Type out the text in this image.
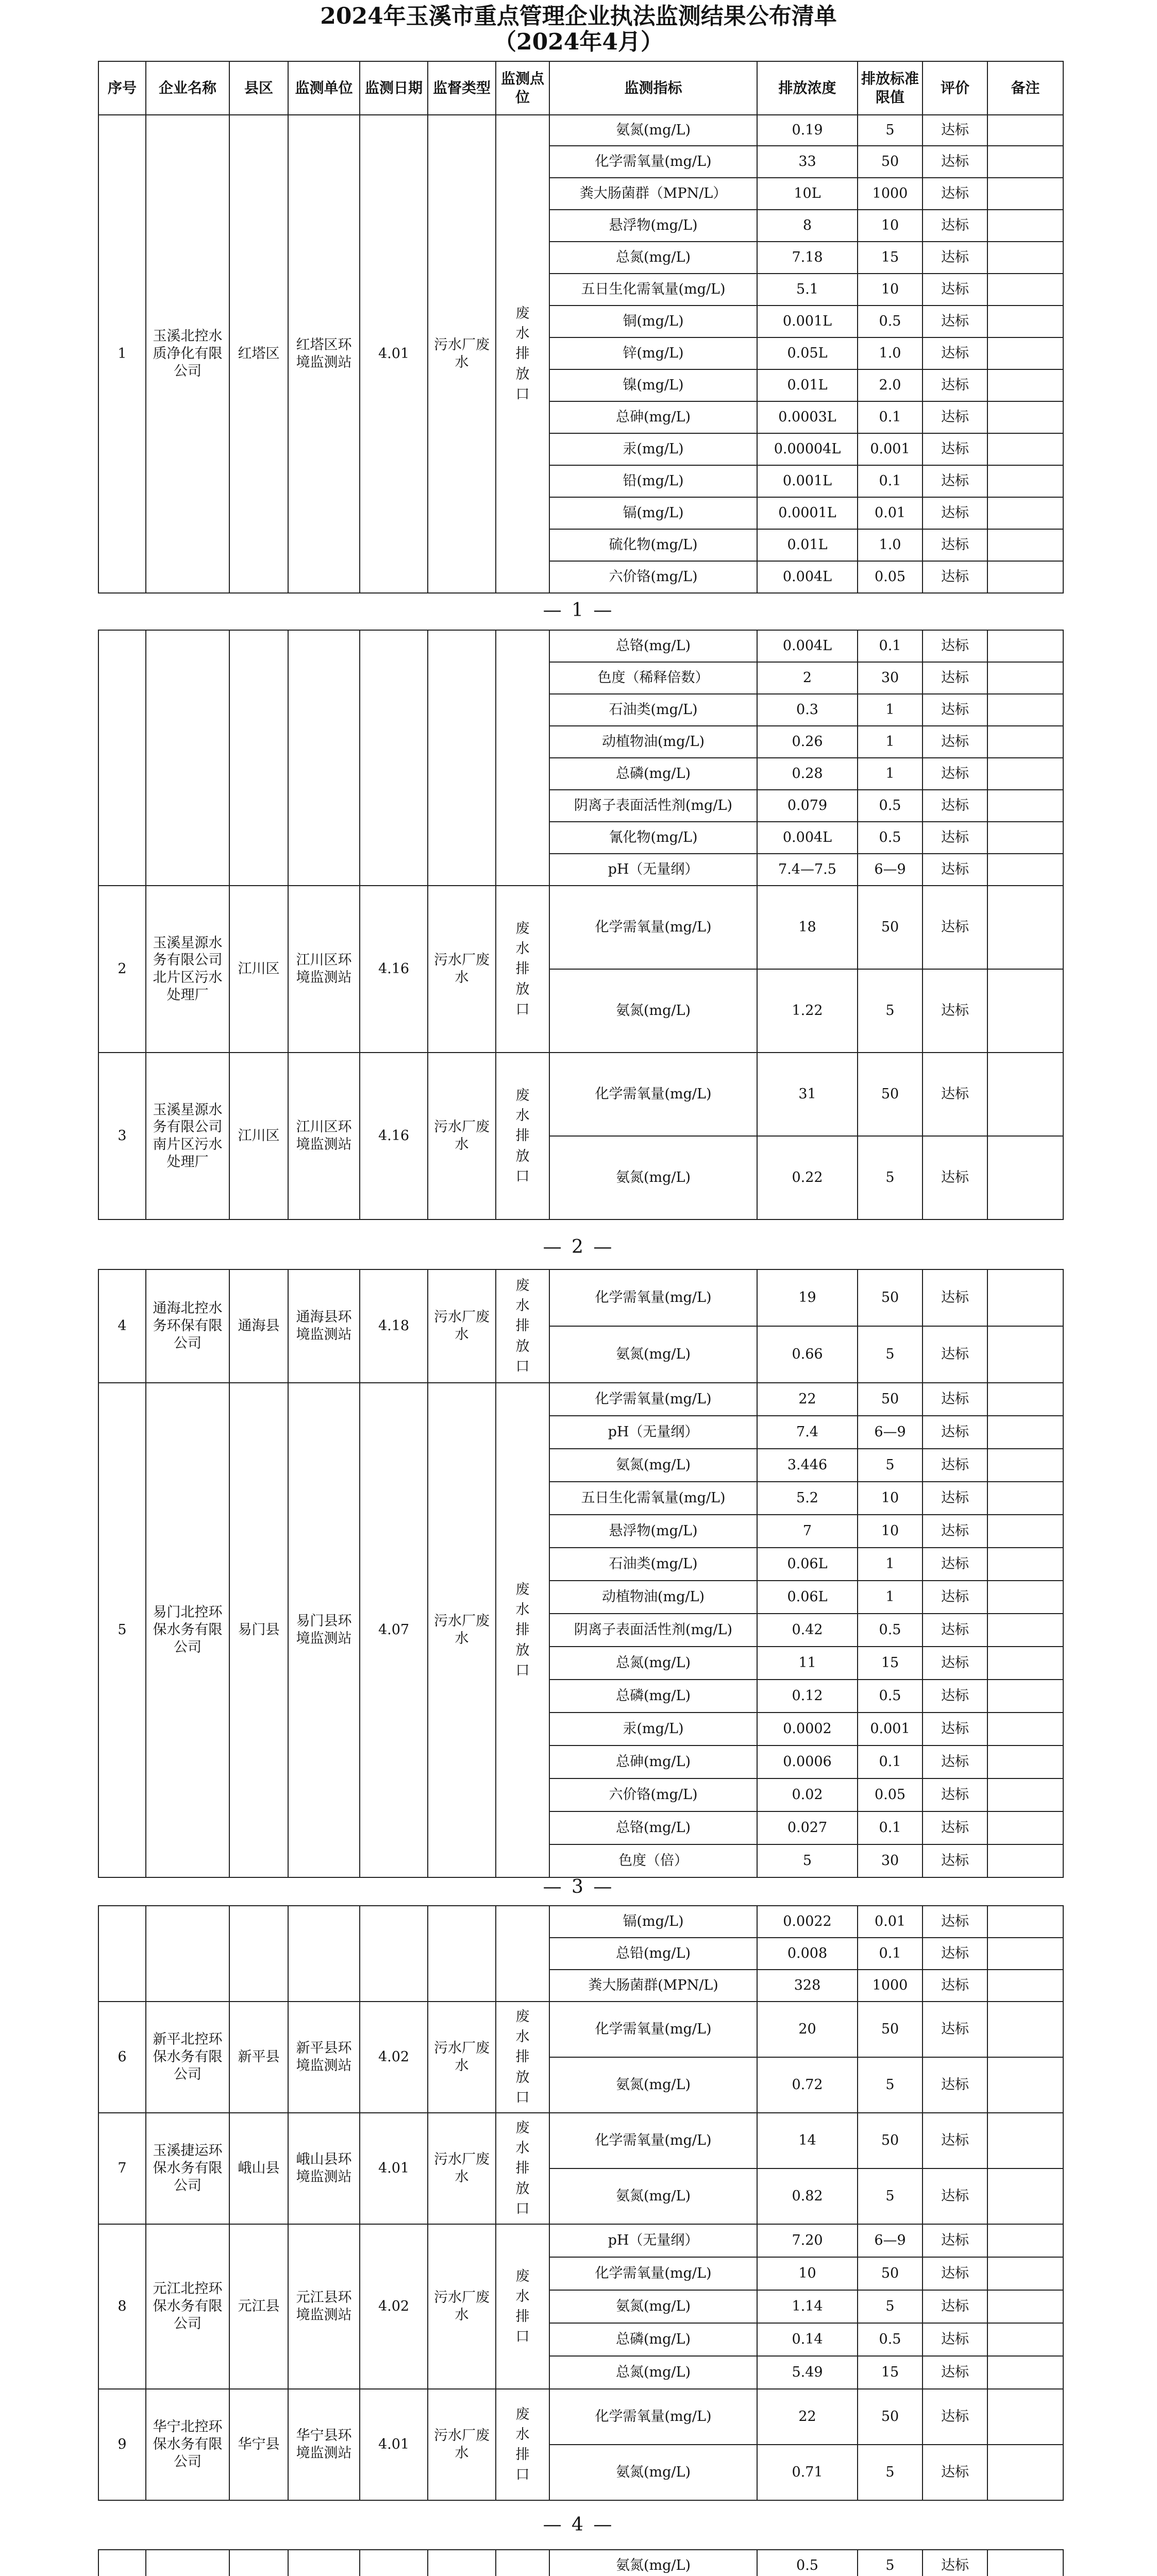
2024年玉溪市重点管理企业执法监测结果公布清单
（2024年4月）
序号	企业名称	县区	监测单位	监测日期	监督类型	监测点位	监测指标	排放浓度	排放标准限值	评价	备注
1	玉溪北控水质净化有限公司	红塔区	红塔区环境监测站	4.01	污水厂废水	废水排放口	氨氮(mg/L)	0.19	5	达标	
							化学需氧量(mg/L)	33	50	达标	
							粪大肠菌群（MPN/L）	10L	1000	达标	
							悬浮物(mg/L)	8	10	达标	
							总氮(mg/L)	7.18	15	达标	
							五日生化需氧量(mg/L)	5.1	10	达标	
							铜(mg/L)	0.001L	0.5	达标	
							锌(mg/L)	0.05L	1.0	达标	
							镍(mg/L)	0.01L	2.0	达标	
							总砷(mg/L)	0.0003L	0.1	达标	
							汞(mg/L)	0.00004L	0.001	达标	
							铅(mg/L)	0.001L	0.1	达标	
							镉(mg/L)	0.0001L	0.01	达标	
							硫化物(mg/L)	0.01L	1.0	达标	
							六价铬(mg/L)	0.004L	0.05	达标	
— 1 —
							总铬(mg/L)	0.004L	0.1	达标	
							色度（稀释倍数）	2	30	达标	
							石油类(mg/L)	0.3	1	达标	
							动植物油(mg/L)	0.26	1	达标	
							总磷(mg/L)	0.28	1	达标	
							阴离子表面活性剂(mg/L)	0.079	0.5	达标	
							氰化物(mg/L)	0.004L	0.5	达标	
							pH（无量纲）	7.4—7.5	6—9	达标	
2	玉溪星源水务有限公司北片区污水处理厂	江川区	江川区环境监测站	4.16	污水厂废水	废水排放口	化学需氧量(mg/L)	18	50	达标	
							氨氮(mg/L)	1.22	5	达标	
3	玉溪星源水务有限公司南片区污水处理厂	江川区	江川区环境监测站	4.16	污水厂废水	废水排放口	化学需氧量(mg/L)	31	50	达标	
							氨氮(mg/L)	0.22	5	达标	
— 2 —
4	通海北控水务环保有限公司	通海县	通海县环境监测站	4.18	污水厂废水	废水排放口	化学需氧量(mg/L)	19	50	达标	
							氨氮(mg/L)	0.66	5	达标	
5	易门北控环保水务有限公司	易门县	易门县环境监测站	4.07	污水厂废水	废水排放口	化学需氧量(mg/L)	22	50	达标	
							pH（无量纲）	7.4	6—9	达标	
							氨氮(mg/L)	3.446	5	达标	
							五日生化需氧量(mg/L)	5.2	10	达标	
							悬浮物(mg/L)	7	10	达标	
							石油类(mg/L)	0.06L	1	达标	
							动植物油(mg/L)	0.06L	1	达标	
							阴离子表面活性剂(mg/L)	0.42	0.5	达标	
							总氮(mg/L)	11	15	达标	
							总磷(mg/L)	0.12	0.5	达标	
							汞(mg/L)	0.0002	0.001	达标	
							总砷(mg/L)	0.0006	0.1	达标	
							六价铬(mg/L)	0.02	0.05	达标	
							总铬(mg/L)	0.027	0.1	达标	
							色度（倍）	5	30	达标	
— 3 —
							镉(mg/L)	0.0022	0.01	达标	
							总铅(mg/L)	0.008	0.1	达标	
							粪大肠菌群(MPN/L)	328	1000	达标	
6	新平北控环保水务有限公司	新平县	新平县环境监测站	4.02	污水厂废水	废水排放口	化学需氧量(mg/L)	20	50	达标	
							氨氮(mg/L)	0.72	5	达标	
7	玉溪捷运环保水务有限公司	峨山县	峨山县环境监测站	4.01	污水厂废水	废水排放口	化学需氧量(mg/L)	14	50	达标	
							氨氮(mg/L)	0.82	5	达标	
8	元江北控环保水务有限公司	元江县	元江县环境监测站	4.02	污水厂废水	废水排口	pH（无量纲）	7.20	6—9	达标	
							化学需氧量(mg/L)	10	50	达标	
							氨氮(mg/L)	1.14	5	达标	
							总磷(mg/L)	0.14	0.5	达标	
							总氮(mg/L)	5.49	15	达标	
9	华宁北控环保水务有限公司	华宁县	华宁县环境监测站	4.01	污水厂废水	废水排口	化学需氧量(mg/L)	22	50	达标	
							氨氮(mg/L)	0.71	5	达标	
— 4 —
							氨氮(mg/L)	0.5	5	达标	
